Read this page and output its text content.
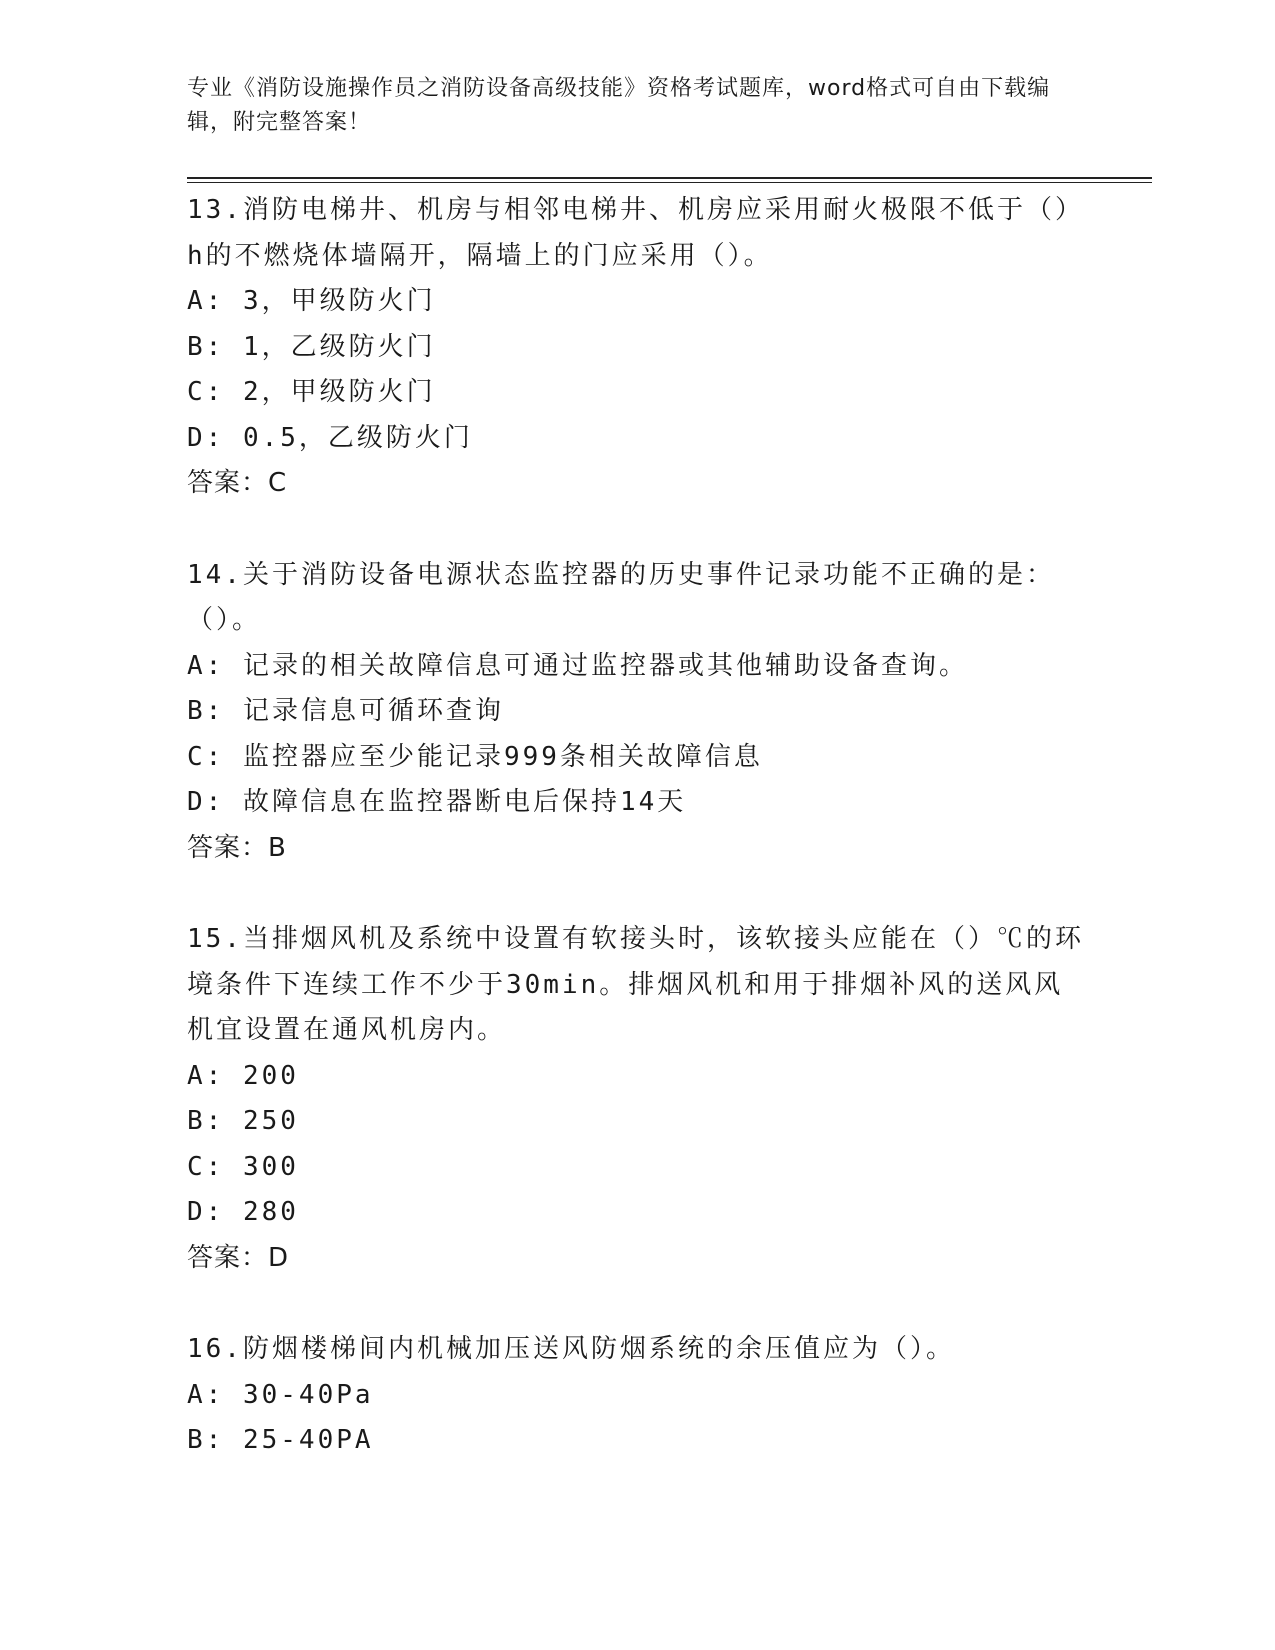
专业《消防设施操作员之消防设备高级技能》资格考试题库，word格式可自由下载编辑，附完整答案！

13.消防电梯井、机房与相邻电梯井、机房应采用耐火极限不低于（）h的不燃烧体墙隔开，隔墙上的门应采用（）。

A: 3，甲级防火门

B: 1，乙级防火门

C: 2，甲级防火门

D: 0.5，乙级防火门

答案：C

14.关于消防设备电源状态监控器的历史事件记录功能不正确的是：（）。

A: 记录的相关故障信息可通过监控器或其他辅助设备查询。

B: 记录信息可循环查询

C: 监控器应至少能记录999条相关故障信息

D: 故障信息在监控器断电后保持14天

答案：B

15.当排烟风机及系统中设置有软接头时，该软接头应能在（）℃的环境条件下连续工作不少于30min。排烟风机和用于排烟补风的送风风机宜设置在通风机房内。

A: 200

B: 250

C: 300

D: 280

答案：D

16.防烟楼梯间内机械加压送风防烟系统的余压值应为（）。

A: 30-40Pa

B: 25-40PA
